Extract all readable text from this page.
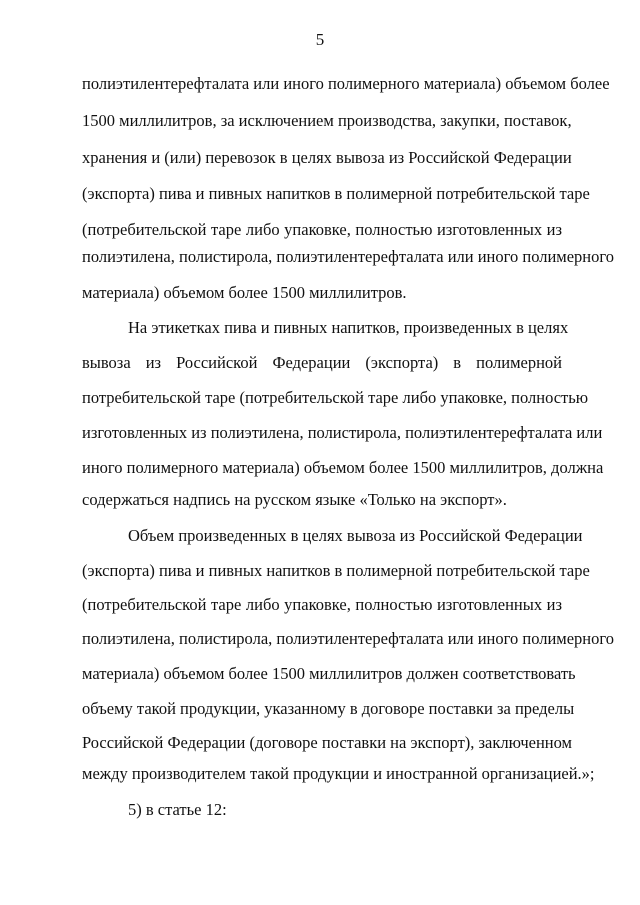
5
полиэтилентерефталата или иного полимерного материала) объемом более
1500 миллилитров, за исключением производства, закупки, поставок,
хранения и (или) перевозок в целях вывоза из Российской Федерации
(экспорта) пива и пивных напитков в полимерной потребительской таре
(потребительской таре либо упаковке, полностью изготовленных из
полиэтилена, полистирола, полиэтилентерефталата или иного полимерного
материала) объемом более 1500 миллилитров.
На этикетках пива и пивных напитков, произведенных в целях
вывоза из Российской Федерации (экспорта) в полимерной
потребительской таре (потребительской таре либо упаковке, полностью
изготовленных из полиэтилена, полистирола, полиэтилентерефталата или
иного полимерного материала) объемом более 1500 миллилитров, должна
содержаться надпись на русском языке «Только на экспорт».
Объем произведенных в целях вывоза из Российской Федерации
(экспорта) пива и пивных напитков в полимерной потребительской таре
(потребительской таре либо упаковке, полностью изготовленных из
полиэтилена, полистирола, полиэтилентерефталата или иного полимерного
материала) объемом более 1500 миллилитров должен соответствовать
объему такой продукции, указанному в договоре поставки за пределы
Российской Федерации (договоре поставки на экспорт), заключенном
между производителем такой продукции и иностранной организацией.»;
5) в статье 12:
